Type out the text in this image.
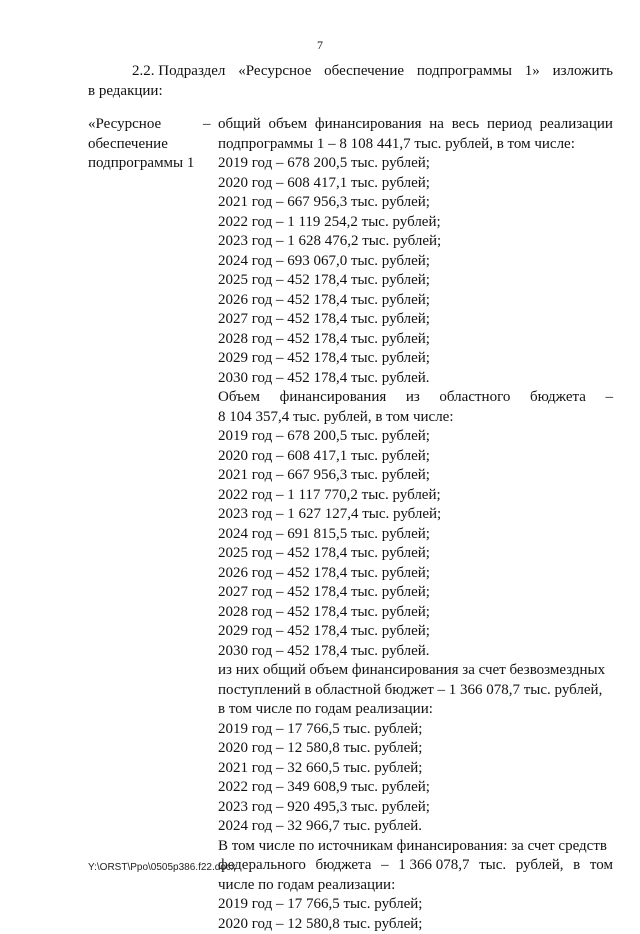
7
2.2. Подраздел «Ресурсное обеспечение подпрограммы 1» изложить
в редакции:
«Ресурсное
обеспечение
подпрограммы 1
– общий объем финансирования на весь период реализации
подпрограммы 1 – 8 108 441,7 тыс. рублей, в том числе:
2019 год – 678 200,5 тыс. рублей;
2020 год – 608 417,1 тыс. рублей;
2021 год – 667 956,3 тыс. рублей;
2022 год – 1 119 254,2 тыс. рублей;
2023 год – 1 628 476,2 тыс. рублей;
2024 год – 693 067,0 тыс. рублей;
2025 год – 452 178,4 тыс. рублей;
2026 год – 452 178,4 тыс. рублей;
2027 год – 452 178,4 тыс. рублей;
2028 год – 452 178,4 тыс. рублей;
2029 год – 452 178,4 тыс. рублей;
2030 год – 452 178,4 тыс. рублей.
Объем финансирования из областного бюджета –
8 104 357,4 тыс. рублей, в том числе:
2019 год – 678 200,5 тыс. рублей;
2020 год – 608 417,1 тыс. рублей;
2021 год – 667 956,3 тыс. рублей;
2022 год – 1 117 770,2 тыс. рублей;
2023 год – 1 627 127,4 тыс. рублей;
2024 год – 691 815,5 тыс. рублей;
2025 год – 452 178,4 тыс. рублей;
2026 год – 452 178,4 тыс. рублей;
2027 год – 452 178,4 тыс. рублей;
2028 год – 452 178,4 тыс. рублей;
2029 год – 452 178,4 тыс. рублей;
2030 год – 452 178,4 тыс. рублей.
из них общий объем финансирования за счет безвозмездных
поступлений в областной бюджет – 1 366 078,7 тыс. рублей,
в том числе по годам реализации:
2019 год – 17 766,5 тыс. рублей;
2020 год – 12 580,8 тыс. рублей;
2021 год – 32 660,5 тыс. рублей;
2022 год – 349 608,9 тыс. рублей;
2023 год – 920 495,3 тыс. рублей;
2024 год – 32 966,7 тыс. рублей.
В том числе по источникам финансирования: за счет средств
федерального бюджета – 1 366 078,7 тыс. рублей, в том
числе по годам реализации:
2019 год – 17 766,5 тыс. рублей;
2020 год – 12 580,8 тыс. рублей;
Y:\ORST\Ppo\0505p386.f22.docx
